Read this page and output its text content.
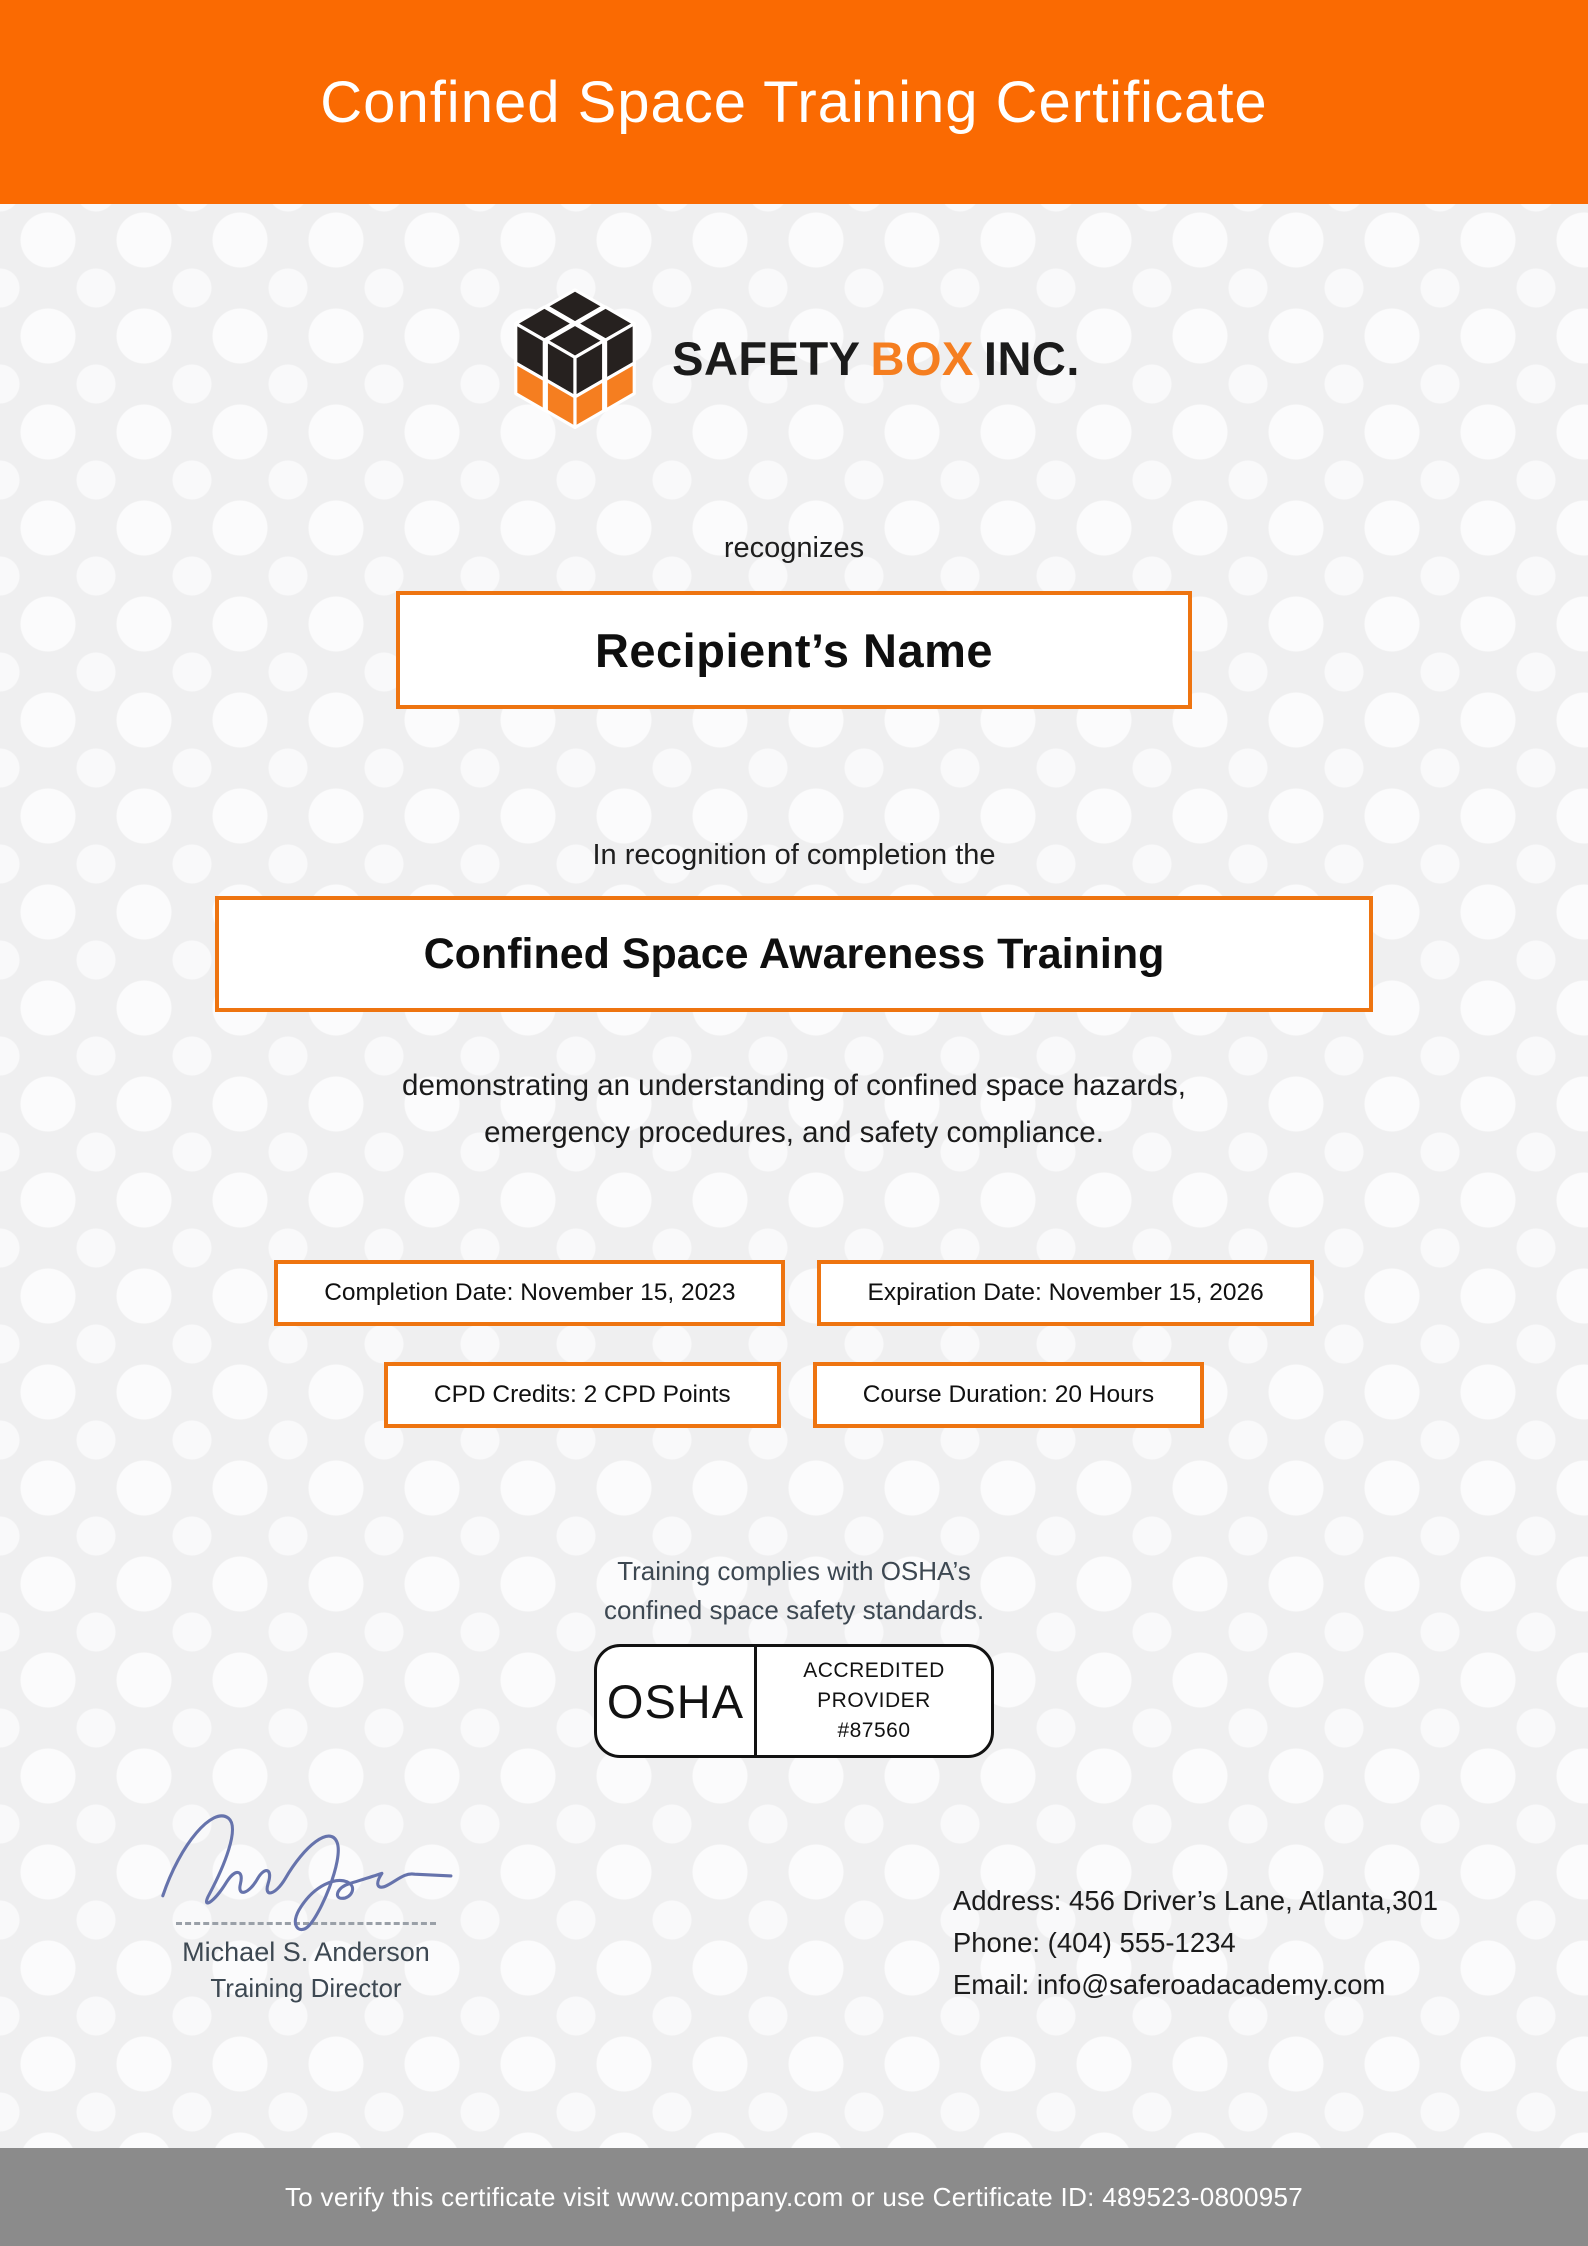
Confined Space Training Certificate
SAFETY BOX INC.
recognizes
Recipient’s Name
In recognition of completion the
Confined Space Awareness Training
demonstrating an understanding of confined space hazards,
emergency procedures, and safety compliance.
Completion Date: November 15, 2023	Expiration Date: November 15, 2026
CPD Credits: 2 CPD Points	Course Duration: 20 Hours
Training complies with OSHA’s
confined space safety standards.
OSHA
ACCREDITED
PROVIDER
#87560
Michael S. Anderson
Training Director
Address: 456 Driver’s Lane, Atlanta,301
Phone: (404) 555-1234
Email: info@saferoadacademy.com
To verify this certificate visit www.company.com or use Certificate ID: 489523-0800957
